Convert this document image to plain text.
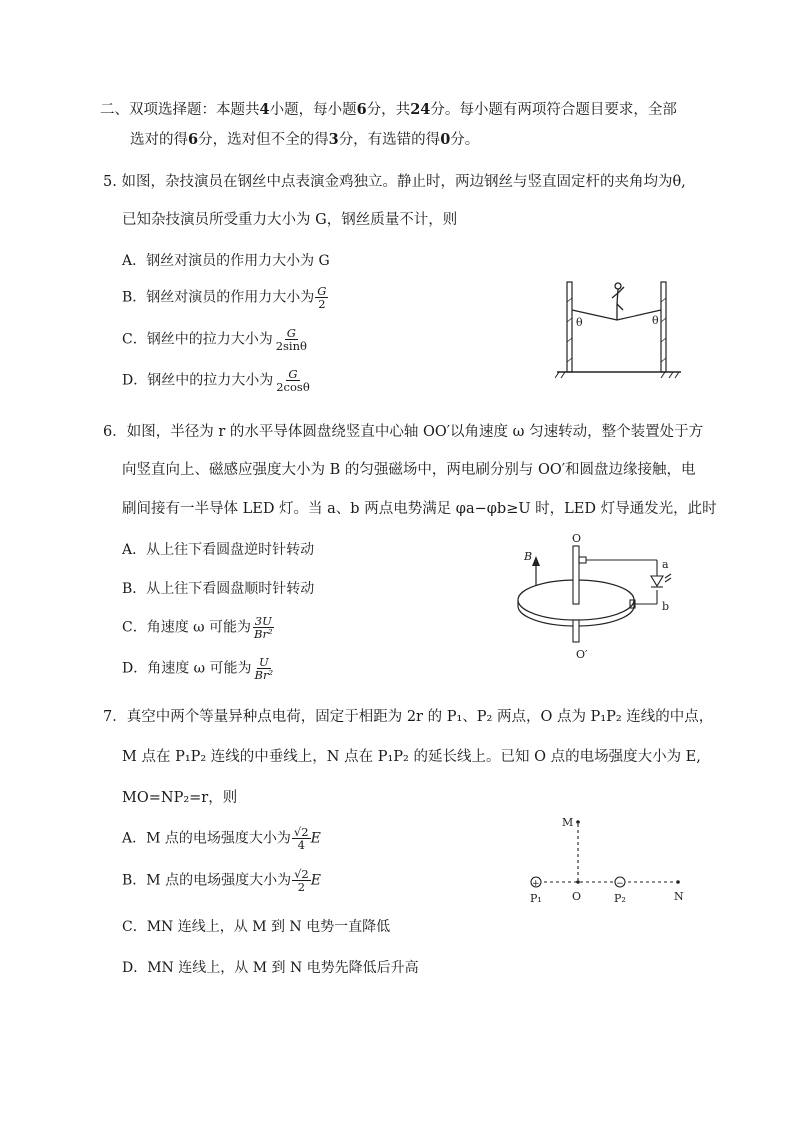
二、双项选择题：本题共4小题，每小题6分，共24分。每小题有两项符合题目要求，全部
选对的得6分，选对但不全的得3分，有选错的得0分。
5. 如图，杂技演员在钢丝中点表演金鸡独立。静止时，两边钢丝与竖直固定杆的夹角均为θ,
已知杂技演员所受重力大小为 G，钢丝质量不计，则
A．钢丝对演员的作用力大小为 G
B．钢丝对演员的作用力大小为 $\frac{G}{2}$
C．钢丝中的拉力大小为 $\frac{G}{2\sin\theta}$
D．钢丝中的拉力大小为 $\frac{G}{2\cos\theta}$
θ	θ
6．如图，半径为 r 的水平导体圆盘绕竖直中心轴 OO′以角速度 ω 匀速转动，整个装置处于方
向竖直向上、磁感应强度大小为 B 的匀强磁场中，两电刷分别与 OO′和圆盘边缘接触，电
刷间接有一半导体 LED 灯。当 a、b 两点电势满足 φa−φb≥U 时，LED 灯导通发光，此时
A．从上往下看圆盘逆时针转动
B．从上往下看圆盘顺时针转动
C．角速度 ω 可能为 $\frac{3U}{\text{Br²}}$
D．角速度 ω 可能为 $\frac{U}{\text{Br²}}$
B
O
O′
a
b
7．真空中两个等量异种点电荷，固定于相距为 2r 的 P₁、P₂ 两点，O 点为 P₁P₂ 连线的中点，
M 点在 P₁P₂ 连线的中垂线上，N 点在 P₁P₂ 的延长线上。已知 O 点的电场强度大小为 E,
MO=NP₂=r，则
A．M 点的电场强度大小为 $\frac{√2}{4}$ E
B．M 点的电场强度大小为 $\frac{√2}{2}$ E
C．MN 连线上，从 M 到 N 电势一直降低
D．MN 连线上，从 M 到 N 电势先降低后升高
M
+	−
P₁	O	P₂	N
